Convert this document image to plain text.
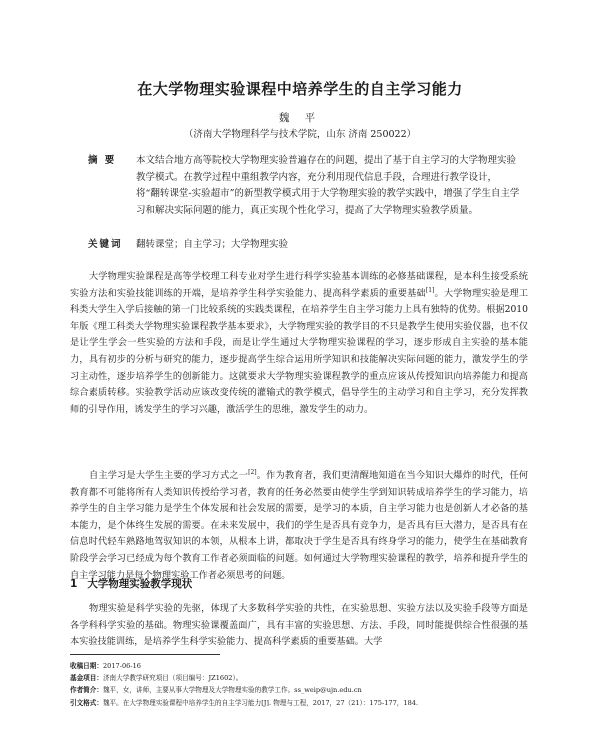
在大学物理实验课程中培养学生的自主学习能力
魏 平
（济南大学物理科学与技术学院，山东 济南 250022）
摘 要 本文结合地方高等院校大学物理实验普遍存在的问题，提出了基于自主学习的大学物理实验教学模式。在教学过程中重组教学内容，充分利用现代信息手段，合理进行教学设计，将“翻转课堂-实验超市”的新型教学模式用于大学物理实验的教学实践中，增强了学生自主学习和解决实际问题的能力，真正实现个性化学习，提高了大学物理实验教学质量。
关键词 翻转课堂；自主学习；大学物理实验

大学物理实验课程是高等学校理工科专业对学生进行科学实验基本训练的必修基础课程，是本科生接受系统实验方法和实验技能训练的开端，是培养学生科学实验能力、提高科学素质的重要基础[1]。大学物理实验是理工科类大学生入学后接触的第一门比较系统的实践类课程，在培养学生自主学习能力上具有独特的优势。根据2010年版《理工科类大学物理实验课程教学基本要求》，大学物理实验的教学目的不只是教学生使用实验仪器，也不仅是让学生学会一些实验的方法和手段，而是让学生通过大学物理实验课程的学习，逐步形成自主实验的基本能力，具有初步的分析与研究的能力，逐步提高学生综合运用所学知识和技能解决实际问题的能力，激发学生的学习主动性，逐步培养学生的创新能力。这就要求大学物理实验课程教学的重点应该从传授知识向培养能力和提高综合素质转移。实验教学活动应该改变传统的灌输式的教学模式，倡导学生的主动学习和自主学习，充分发挥教师的引导作用，诱发学生的学习兴趣，激活学生的思维，激发学生的动力。

自主学习是大学生主要的学习方式之一[2]。作为教育者，我们更清醒地知道在当今知识大爆炸的时代，任何教育都不可能将所有人类知识传授给学习者，教育的任务必然要由使学生学到知识转成培养学生的学习能力，培养学生的自主学习能力是学生个体发展和社会发展的需要，是学习的本质，自主学习能力也是创新人才必备的基本能力，是个体终生发展的需要。在未来发展中，我们的学生是否具有竞争力，是否具有巨大潜力，是否具有在信息时代轻车熟路地驾驭知识的本领，从根本上讲，都取决于学生是否具有终身学习的能力，使学生在基础教育阶段学会学习已经成为每个教育工作者必须面临的问题。如何通过大学物理实验课程的教学，培养和提升学生的自主学习能力是每个物理实验工作者必须思考的问题。

1 大学物理实验教学现状

物理实验是科学实验的先驱，体现了大多数科学实验的共性，在实验思想、实验方法以及实验手段等方面是各学科科学实验的基础。物理实验课覆盖面广，具有丰富的实验思想、方法、手段，同时能提供综合性很强的基本实验技能训练，是培养学生科学实验能力、提高科学素质的重要基础。大学

收稿日期：2017-06-16
基金项目：济南大学教学研究项目（项目编号：JZ1602）。
作者简介：魏平，女，讲师，主要从事大学物理及大学物理实验的教学工作。ss_weip@ujn.edu.cn
引文格式：魏平。在大学物理实验课程中培养学生的自主学习能力[J]. 物理与工程，2017，27（21）：175-177，184.
